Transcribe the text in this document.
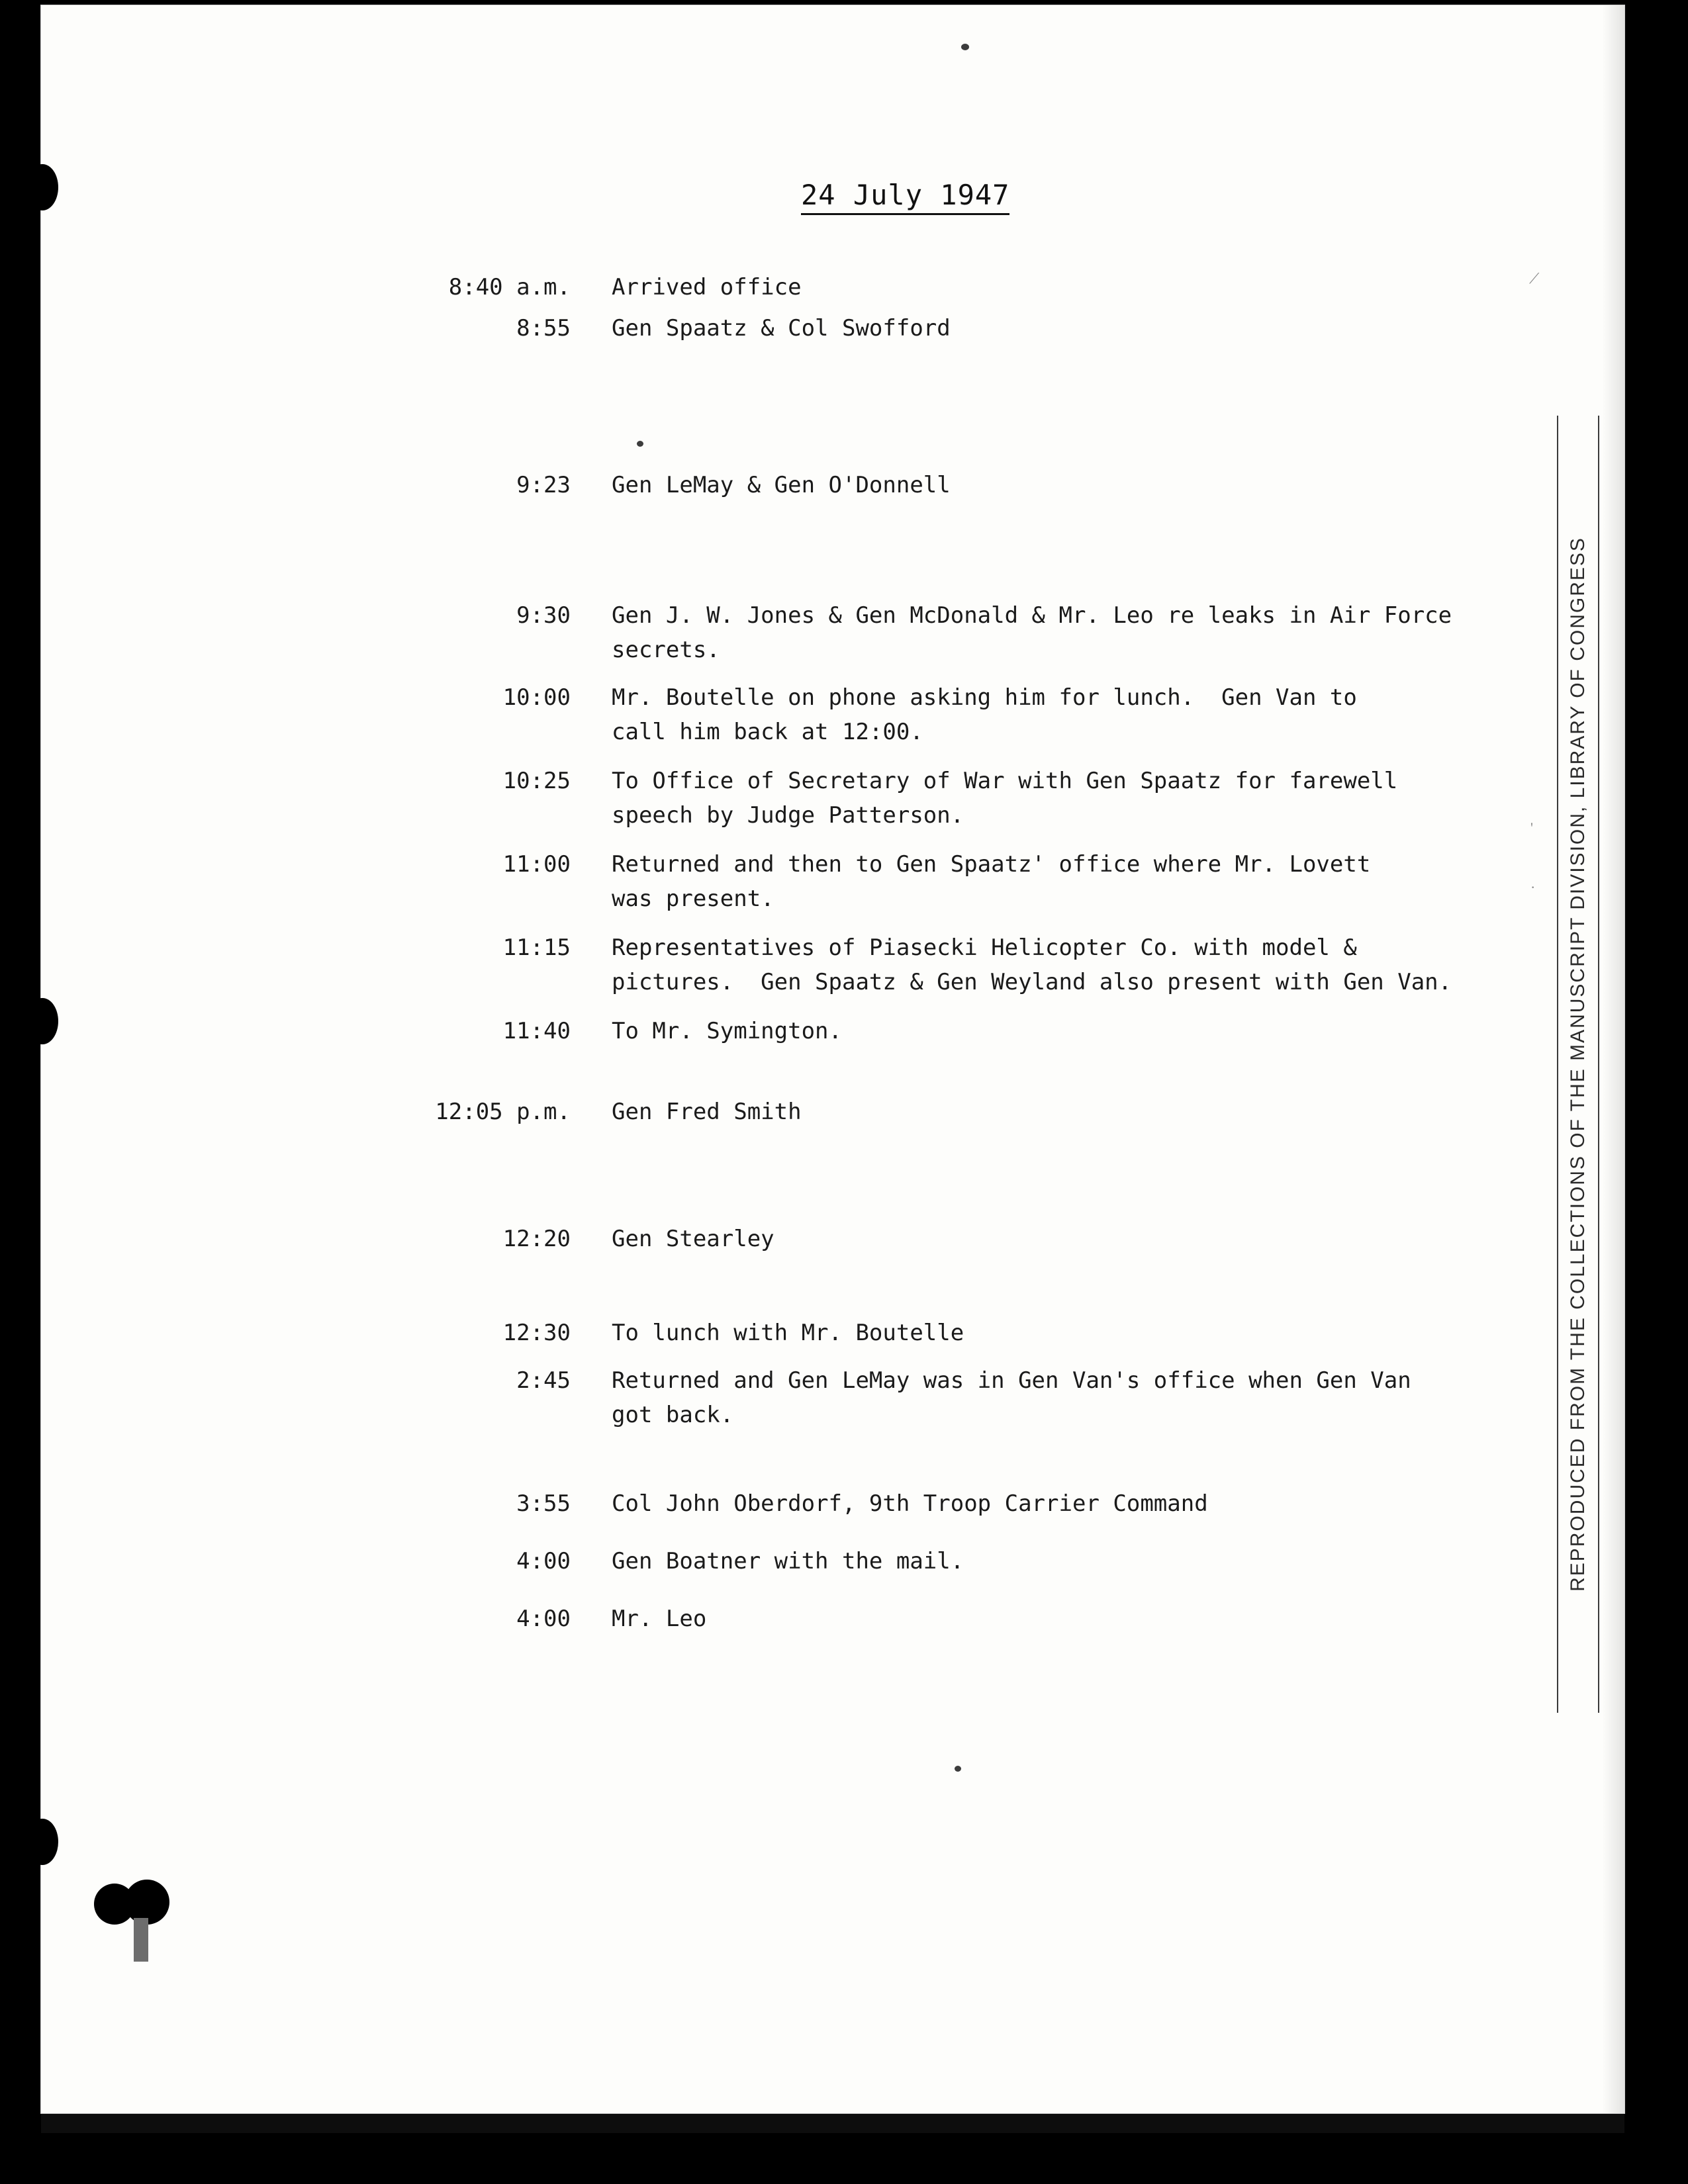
⟋
'
·
24 July 1947
8:40 a.m.	Arrived office
8:55	Gen Spaatz & Col Swofford
9:23	Gen LeMay & Gen O'Donnell
9:30	Gen J. W. Jones & Gen McDonald & Mr. Leo re leaks in Air Force
secrets.
10:00	Mr. Boutelle on phone asking him for lunch.  Gen Van to
call him back at 12:00.
10:25	To Office of Secretary of War with Gen Spaatz for farewell
speech by Judge Patterson.
11:00	Returned and then to Gen Spaatz' office where Mr. Lovett
was present.
11:15	Representatives of Piasecki Helicopter Co. with model &
pictures.  Gen Spaatz & Gen Weyland also present with Gen Van.
11:40	To Mr. Symington.
12:05 p.m.	Gen Fred Smith
12:20	Gen Stearley
12:30	To lunch with Mr. Boutelle
2:45	Returned and Gen LeMay was in Gen Van's office when Gen Van
got back.
3:55	Col John Oberdorf, 9th Troop Carrier Command
4:00	Gen Boatner with the mail.
4:00	Mr. Leo
REPRODUCED FROM THE COLLECTIONS OF THE MANUSCRIPT DIVISION, LIBRARY OF CONGRESS
